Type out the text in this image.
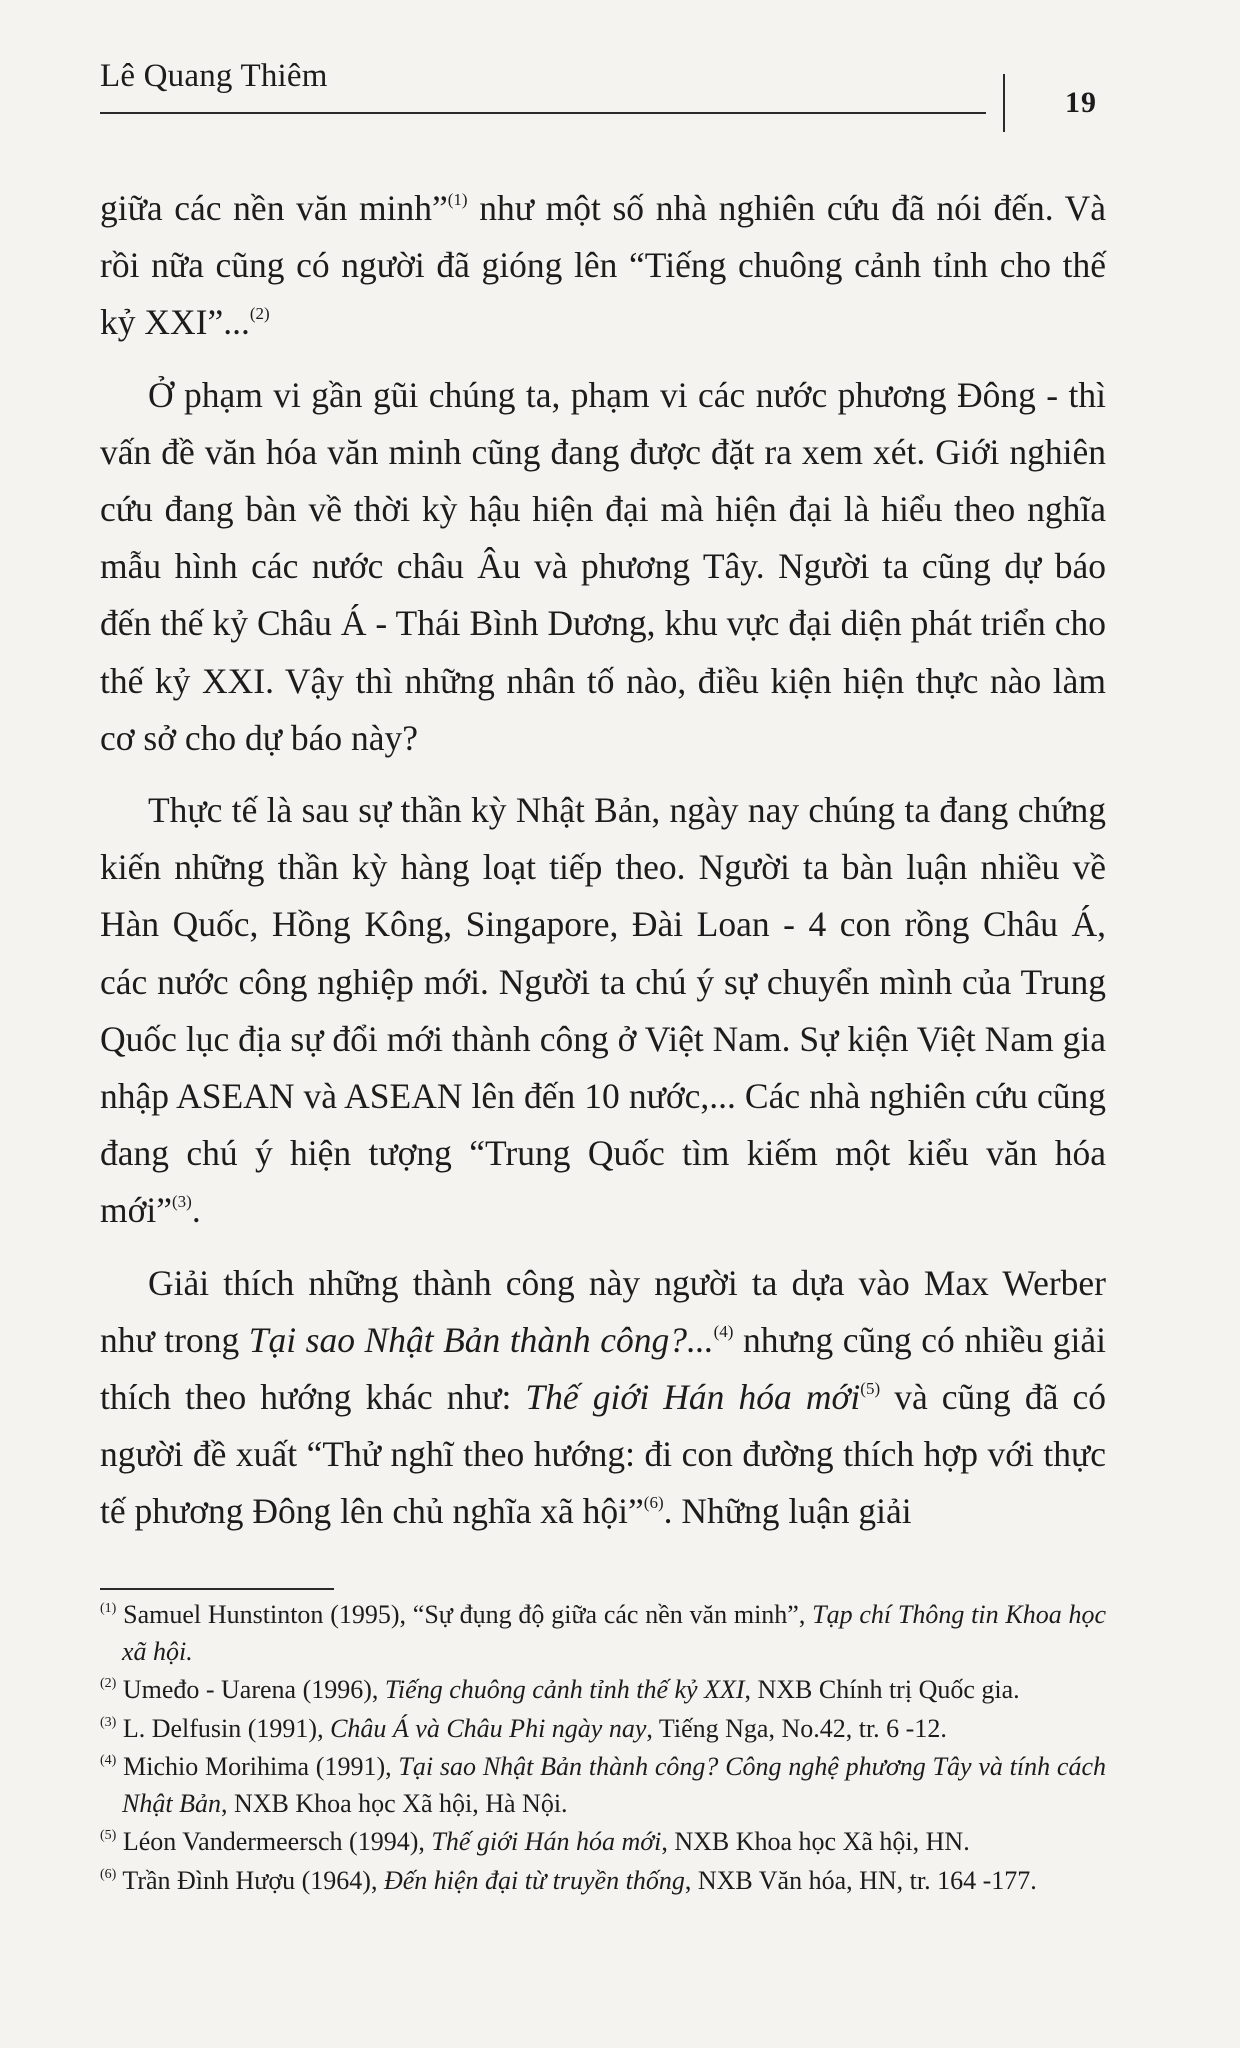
Lê Quang Thiêm
19

giữa các nền văn minh”$^{(1)}$ như một số nhà nghiên cứu đã nói đến. Và rồi nữa cũng có người đã gióng lên “Tiếng chuông cảnh tỉnh cho thế kỷ XXI”...$^{(2)}$

Ở phạm vi gần gũi chúng ta, phạm vi các nước phương Đông - thì vấn đề văn hóa văn minh cũng đang được đặt ra xem xét. Giới nghiên cứu đang bàn về thời kỳ hậu hiện đại mà hiện đại là hiểu theo nghĩa mẫu hình các nước châu Âu và phương Tây. Người ta cũng dự báo đến thế kỷ Châu Á - Thái Bình Dương, khu vực đại diện phát triển cho thế kỷ XXI. Vậy thì những nhân tố nào, điều kiện hiện thực nào làm cơ sở cho dự báo này?

Thực tế là sau sự thần kỳ Nhật Bản, ngày nay chúng ta đang chứng kiến những thần kỳ hàng loạt tiếp theo. Người ta bàn luận nhiều về Hàn Quốc, Hồng Kông, Singapore, Đài Loan - 4 con rồng Châu Á, các nước công nghiệp mới. Người ta chú ý sự chuyển mình của Trung Quốc lục địa sự đổi mới thành công ở Việt Nam. Sự kiện Việt Nam gia nhập ASEAN và ASEAN lên đến 10 nước,... Các nhà nghiên cứu cũng đang chú ý hiện tượng “Trung Quốc tìm kiếm một kiểu văn hóa mới”$^{(3)}$.

Giải thích những thành công này người ta dựa vào Max Werber như trong Tại sao Nhật Bản thành công?...$^{(4)}$ nhưng cũng có nhiều giải thích theo hướng khác như: Thế giới Hán hóa mới$^{(5)}$ và cũng đã có người đề xuất “Thử nghĩ theo hướng: đi con đường thích hợp với thực tế phương Đông lên chủ nghĩa xã hội”$^{(6)}$. Những luận giải

$^{(1)}$ Samuel Hunstinton (1995), “Sự đụng độ giữa các nền văn minh”, Tạp chí Thông tin Khoa học xã hội.

$^{(2)}$ Umeđo - Uarena (1996), Tiếng chuông cảnh tỉnh thế kỷ XXI, NXB Chính trị Quốc gia.

$^{(3)}$ L. Delfusin (1991), Châu Á và Châu Phi ngày nay, Tiếng Nga, No.42, tr. 6 -12.

$^{(4)}$ Michio Morihima (1991), Tại sao Nhật Bản thành công? Công nghệ phương Tây và tính cách Nhật Bản, NXB Khoa học Xã hội, Hà Nội.

$^{(5)}$ Léon Vandermeersch (1994), Thế giới Hán hóa mới, NXB Khoa học Xã hội, HN.

$^{(6)}$ Trần Đình Hượu (1964), Đến hiện đại từ truyền thống, NXB Văn hóa, HN, tr. 164 -177.
